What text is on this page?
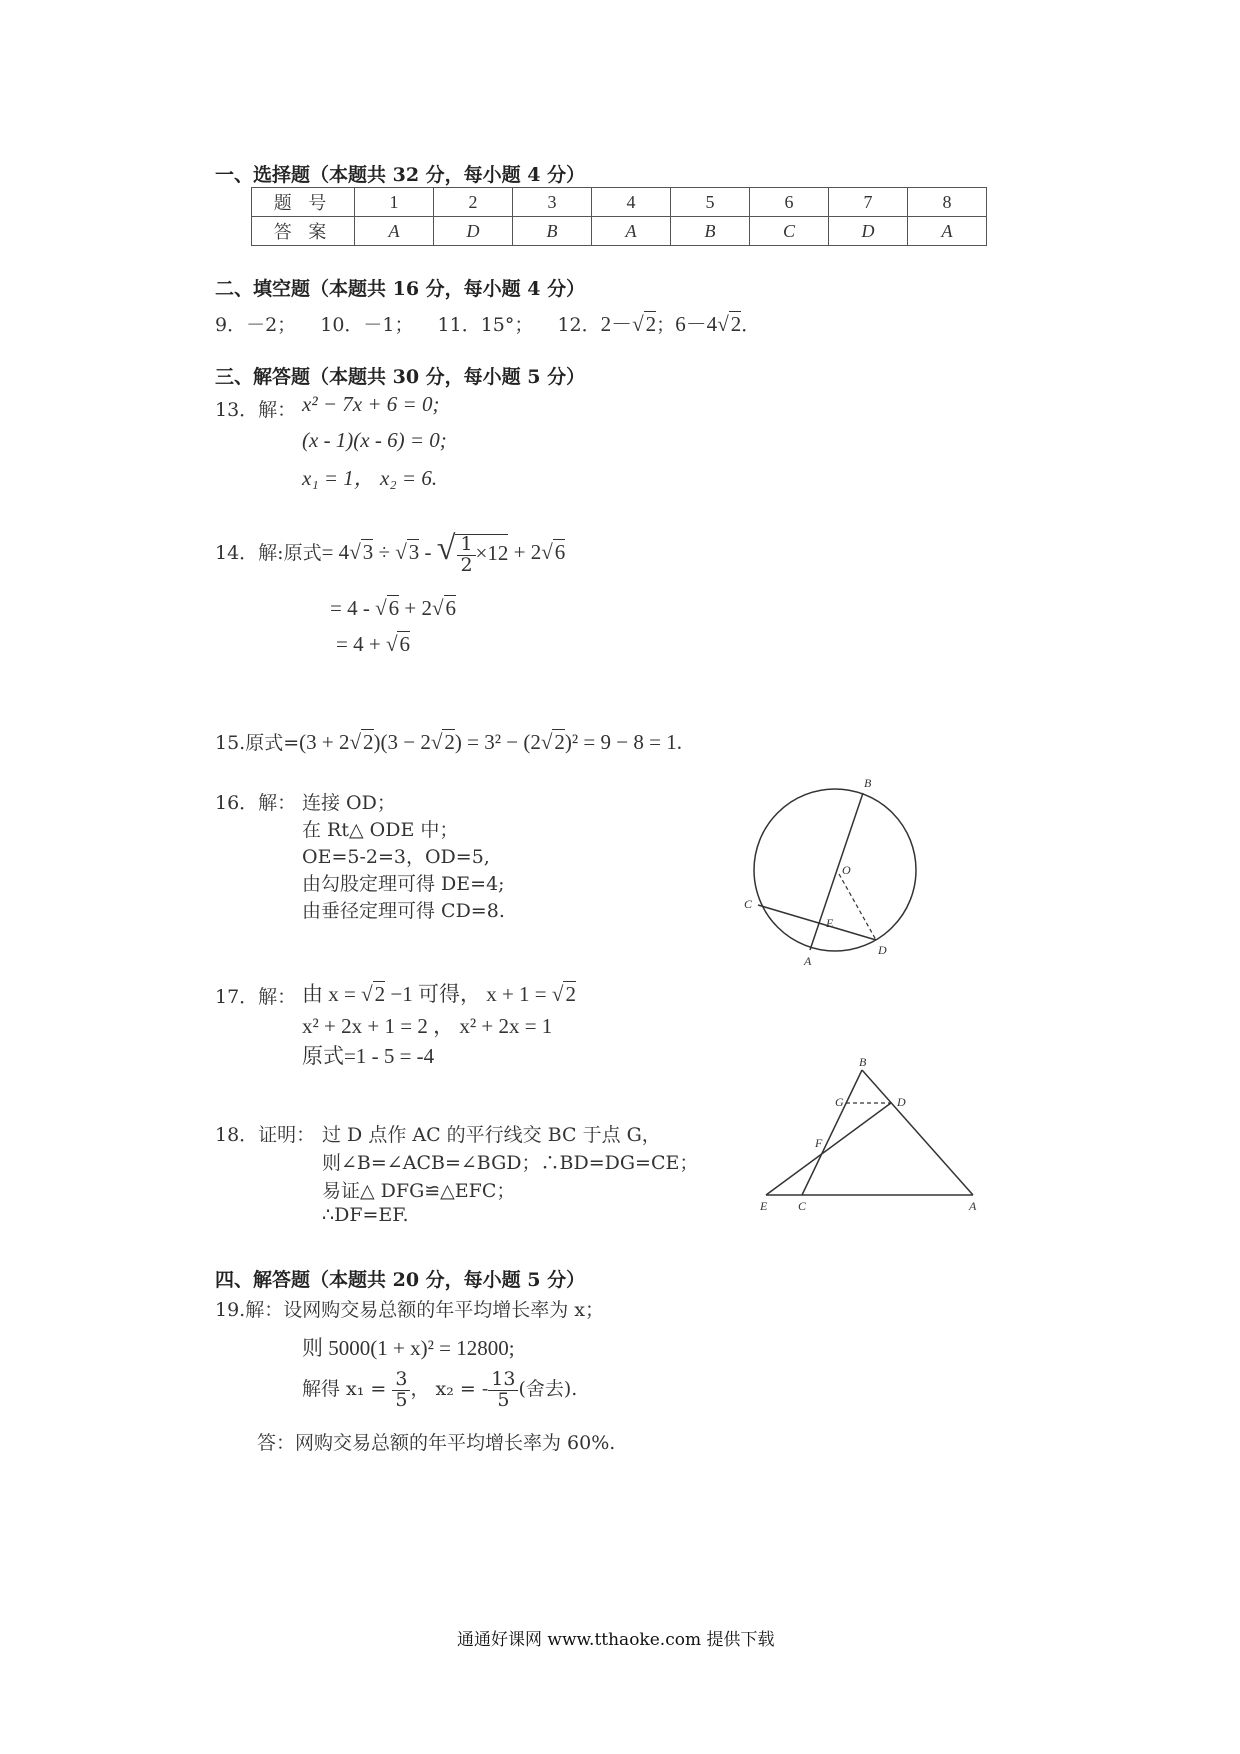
一、选择题（本题共 32 分，每小题 4 分）
题 号	1	2	3	4	5	6	7	8
答 案	A	D	B	A	B	C	D	A
二、填空题（本题共 16 分，每小题 4 分）
9．－2； 10．－1； 11．15°； 12．2－√2；6－4√2．
三、解答题（本题共 30 分，每小题 5 分）
13．解： x² − 7x + 6 = 0;
(x - 1)(x - 6) = 0;
x₁ = 1， x₂ = 6.
14．解:原式= 4√3 ÷ √3 - √ $\frac{1}{2} \times 12 + 2√6$
= 4 - √6 + 2√6
= 4 + √6
15.原式=(3 + 2√2)(3 − 2√2) = 3² − (2√2)² = 9 − 8 = 1.
16．解： 连接 OD；
在 Rt△ ODE 中；
OE=5-2=3，OD=5,
由勾股定理可得 DE=4;
由垂径定理可得 CD=8.
B
O
C
E
A
D
17．解： 由 x = √2 −1 可得， x + 1 = √2
x² + 2x + 1 = 2 ， x² + 2x = 1
原式=1 - 5 = -4
18．证明： 过 D 点作 AC 的平行线交 BC 于点 G，
则∠B=∠ACB=∠BGD；∴BD=DG=CE；
易证△ DFG≌△EFC；
∴DF=EF.
B
G	D
F
E	C	A
四、解答题（本题共 20 分，每小题 5 分）
19.解：设网购交易总额的年平均增长率为 x；
则 5000(1 + x)² = 12800;
解得 $x_1 = \frac{3}{5}$ ， x₂ = - $\frac{13}{5}$ (舍去).
答：网购交易总额的年平均增长率为 60%.
通通好课网 www.tthaoke.com 提供下载
